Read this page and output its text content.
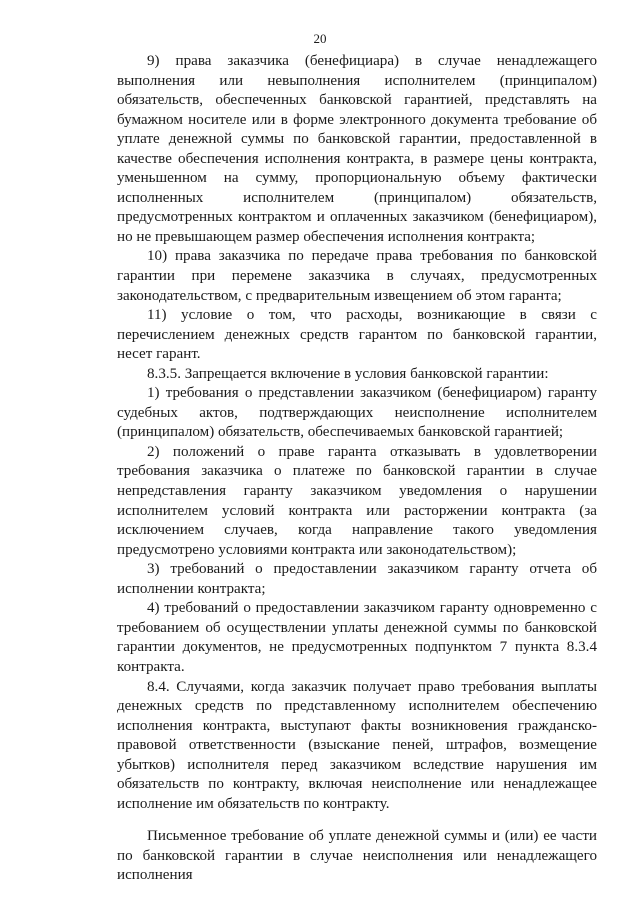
20

9) права заказчика (бенефициара) в случае ненадлежащего выполнения или невыполнения исполнителем (принципалом) обязательств, обеспеченных банковской гарантией, представлять на бумажном носителе или в форме электронного документа требование об уплате денежной суммы по банковской гарантии, предоставленной в качестве обеспечения исполнения контракта, в размере цены контракта, уменьшенном на сумму, пропорциональную объему фактически исполненных исполнителем (принципалом) обязательств, предусмотренных контрактом и оплаченных заказчиком (бенефициаром), но не превышающем размер обеспечения исполнения контракта;

10) права заказчика по передаче права требования по банковской гарантии при перемене заказчика в случаях, предусмотренных законодательством, с предварительным извещением об этом гаранта;

11) условие о том, что расходы, возникающие в связи с перечислением денежных средств гарантом по банковской гарантии, несет гарант.

8.3.5. Запрещается включение в условия банковской гарантии:

1) требования о представлении заказчиком (бенефициаром) гаранту судебных актов, подтверждающих неисполнение исполнителем (принципалом) обязательств, обеспечиваемых банковской гарантией;

2) положений о праве гаранта отказывать в удовлетворении требования заказчика о платеже по банковской гарантии в случае непредставления гаранту заказчиком уведомления о нарушении исполнителем условий контракта или расторжении контракта (за исключением случаев, когда направление такого уведомления предусмотрено условиями контракта или законодательством);

3) требований о предоставлении заказчиком гаранту отчета об исполнении контракта;

4) требований о предоставлении заказчиком гаранту одновременно с требованием об осуществлении уплаты денежной суммы по банковской гарантии документов, не предусмотренных подпунктом 7 пункта 8.3.4 контракта.

8.4. Случаями, когда заказчик получает право требования выплаты денежных средств по представленному исполнителем обеспечению исполнения контракта, выступают факты возникновения гражданско-правовой ответственности (взыскание пеней, штрафов, возмещение убытков) исполнителя перед заказчиком вследствие нарушения им обязательств по контракту, включая неисполнение или ненадлежащее исполнение им обязательств по контракту.

Письменное требование об уплате денежной суммы и (или) ее части по банковской гарантии в случае неисполнения или ненадлежащего исполнения
